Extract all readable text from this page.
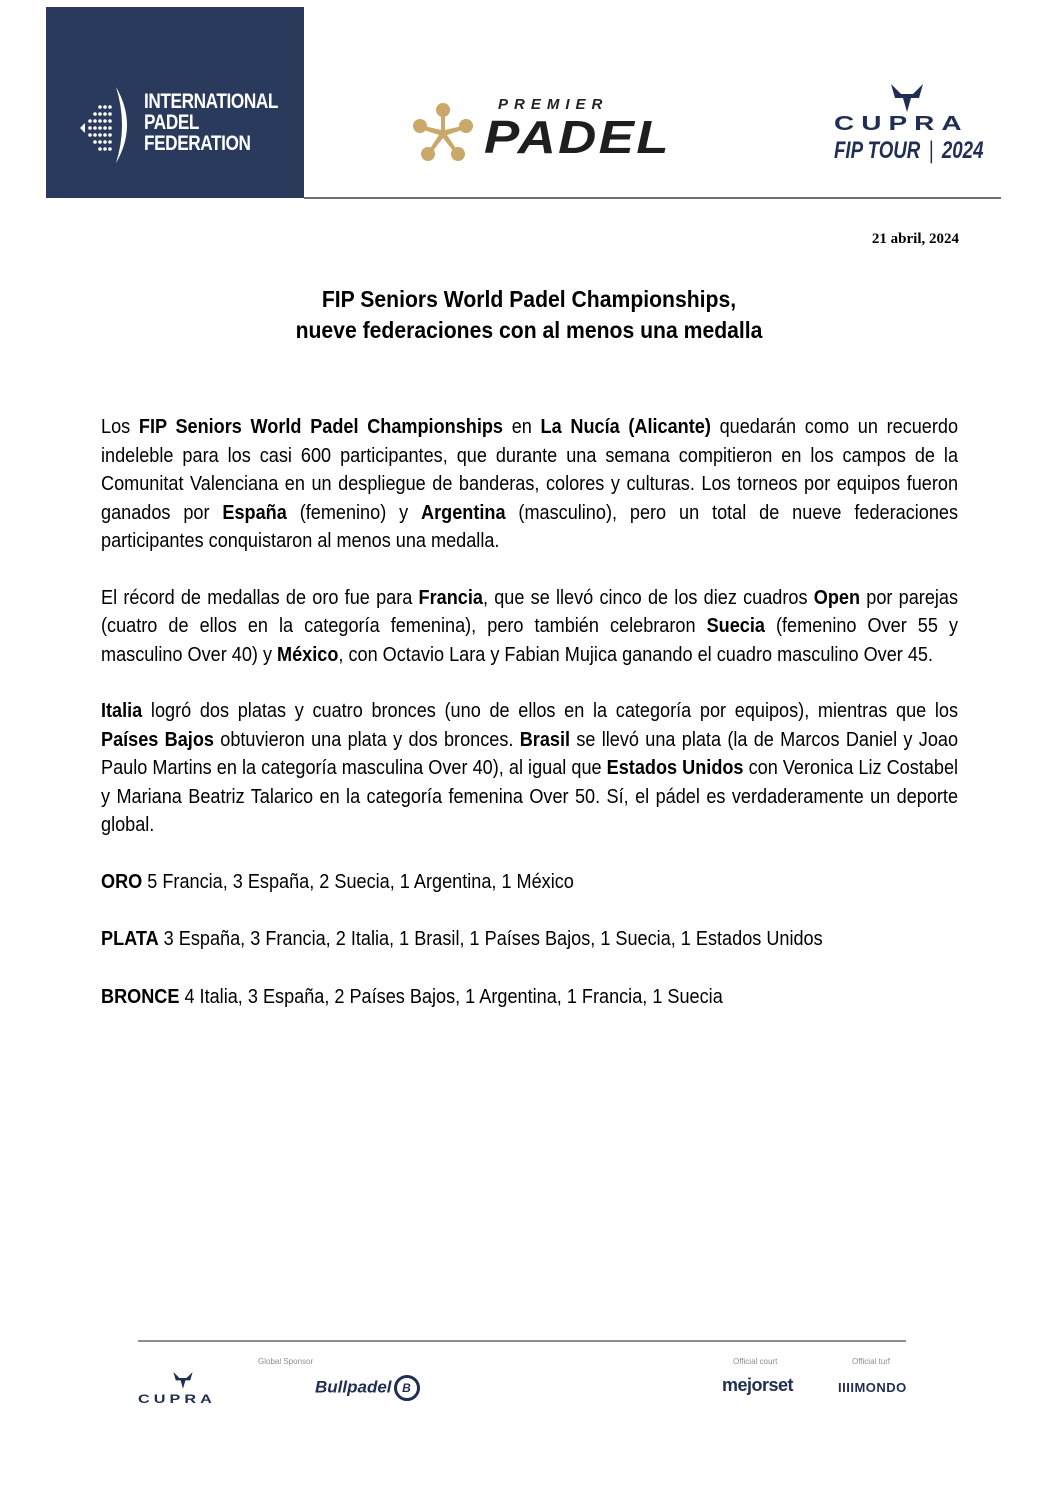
INTERNATIONAL
PADEL
FEDERATION
PREMIER
PADEL	CUPRA
FIP TOUR | 2024
21 abril, 2024
FIP Seniors World Padel Championships,
nueve federaciones con al menos una medalla

Los FIP Seniors World Padel Championships en La Nucía (Alicante) quedarán como un recuerdo indeleble para los casi 600 participantes, que durante una semana compitieron en los campos de la Comunitat Valenciana en un despliegue de banderas, colores y culturas. Los torneos por equipos fueron ganados por España (femenino) y Argentina (masculino), pero un total de nueve federaciones participantes conquistaron al menos una medalla.

El récord de medallas de oro fue para Francia, que se llevó cinco de los diez cuadros Open por parejas (cuatro de ellos en la categoría femenina), pero también celebraron Suecia (femenino Over 55 y masculino Over 40) y México, con Octavio Lara y Fabian Mujica ganando el cuadro masculino Over 45.

Italia logró dos platas y cuatro bronces (uno de ellos en la categoría por equipos), mientras que los Países Bajos obtuvieron una plata y dos bronces. Brasil se llevó una plata (la de Marcos Daniel y Joao Paulo Martins en la categoría masculina Over 40), al igual que Estados Unidos con Veronica Liz Costabel y Mariana Beatriz Talarico en la categoría femenina Over 50. Sí, el pádel es verdaderamente un deporte global.

ORO 5 Francia, 3 España, 2 Suecia, 1 Argentina, 1 México
PLATA 3 España, 3 Francia, 2 Italia, 1 Brasil, 1 Países Bajos, 1 Suecia, 1 Estados Unidos
BRONCE 4 Italia, 3 España, 2 Países Bajos, 1 Argentina, 1 Francia, 1 Suecia
Global Sponsor	Official court	Official turf
CUPRA
Bullpadel B	mejorset	IIIIMONDO
